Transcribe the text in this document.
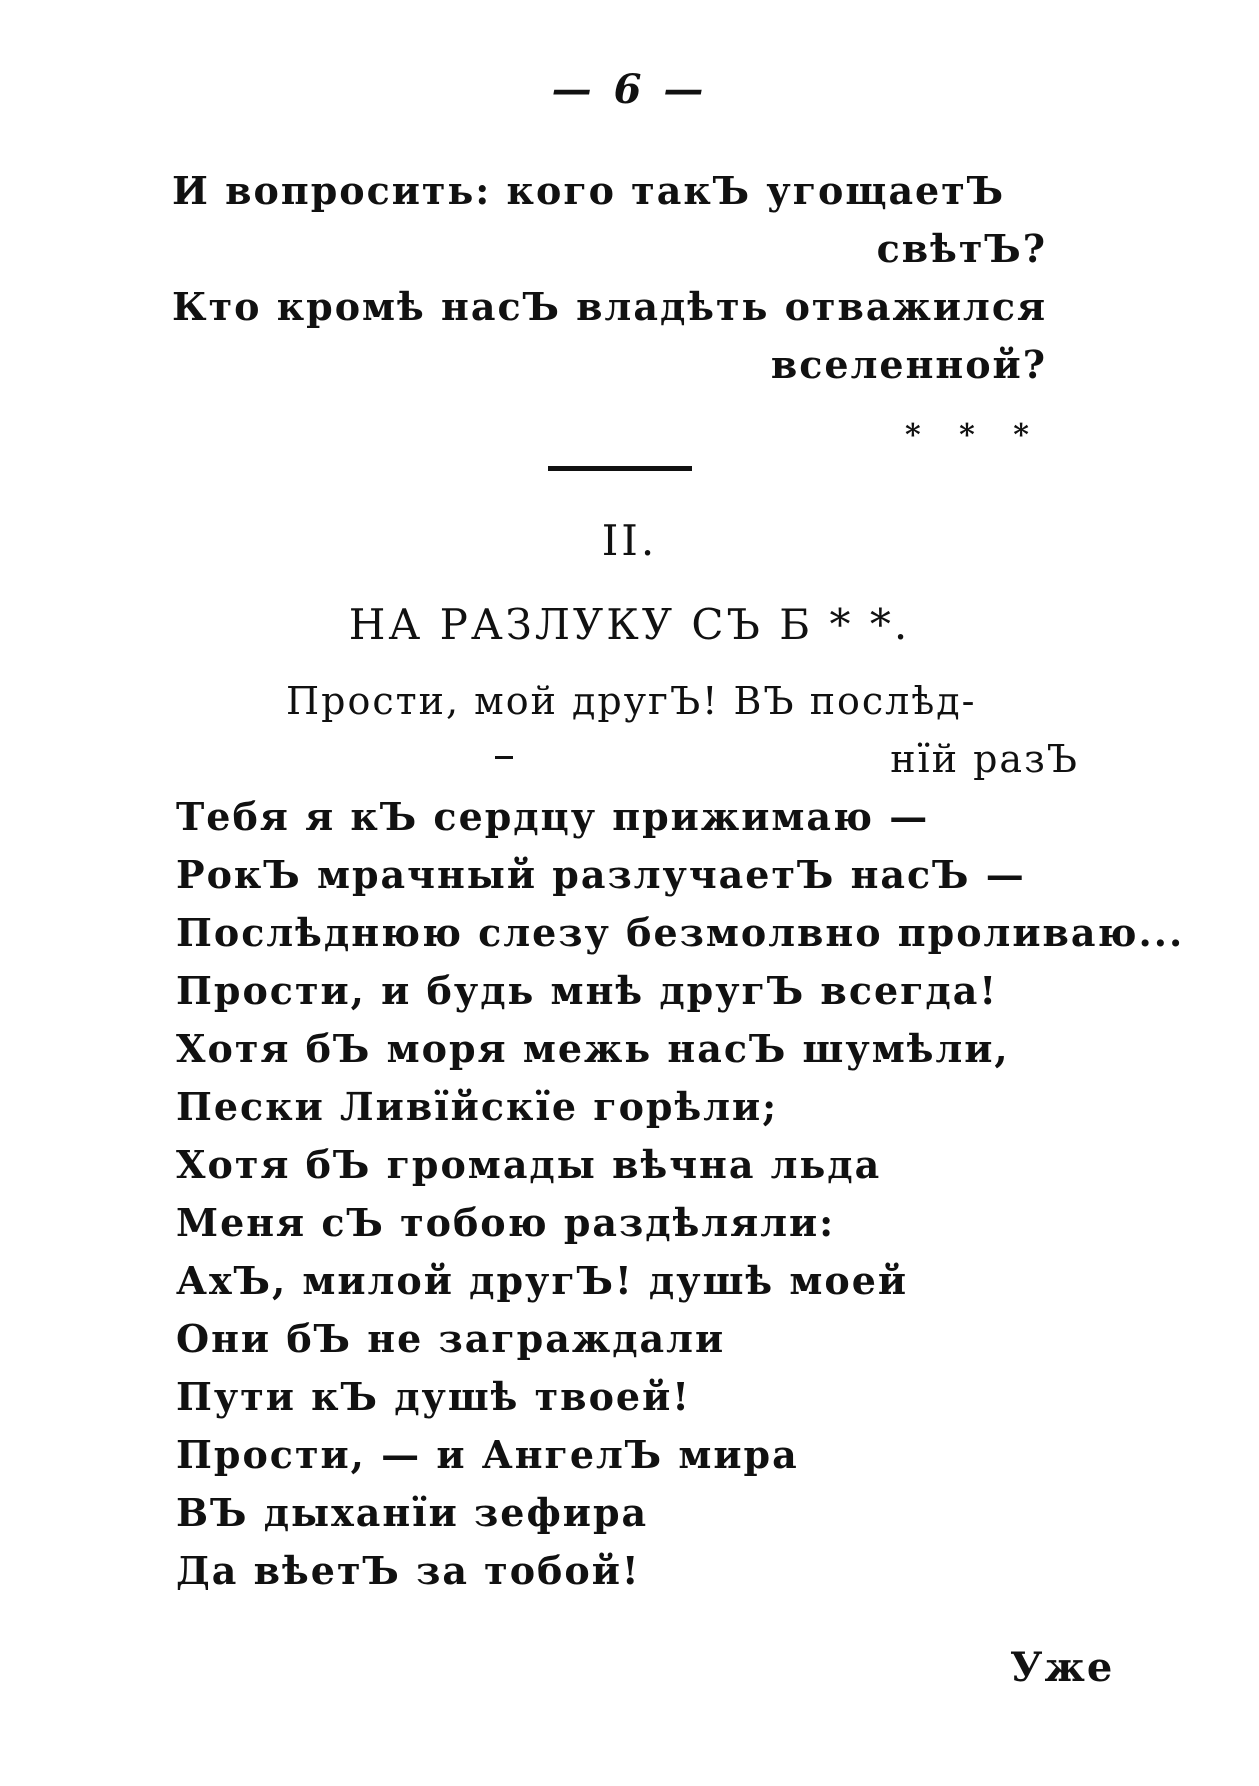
— 6 —
И вопросить: кого такЪ угощаетЪ
свѣтЪ?
Кто кромѣ насЪ владѣть отважился
вселенной?
* * *
II.
НА РАЗЛУКУ СЪ Б * *.
Прости, мой другЪ! ВЪ послѣд-
нїй разЪ
Тебя я кЪ сердцу прижимаю —
РокЪ мрачный разлучаетЪ насЪ —
Послѣднюю слезу безмолвно проливаю...
Прости, и будь мнѣ другЪ всегда!
Хотя бЪ моря межь насЪ шумѣли,
Пески Ливїйскїе горѣли;
Хотя бЪ громады вѣчна льда
Меня сЪ тобою раздѣляли:
АхЪ, милой другЪ! душѣ моей
Они бЪ не заграждали
Пути кЪ душѣ твоей!
Прости, — и АнгелЪ мира
ВЪ дыханїи зефира
Да вѣетЪ за тобой!
Уже
